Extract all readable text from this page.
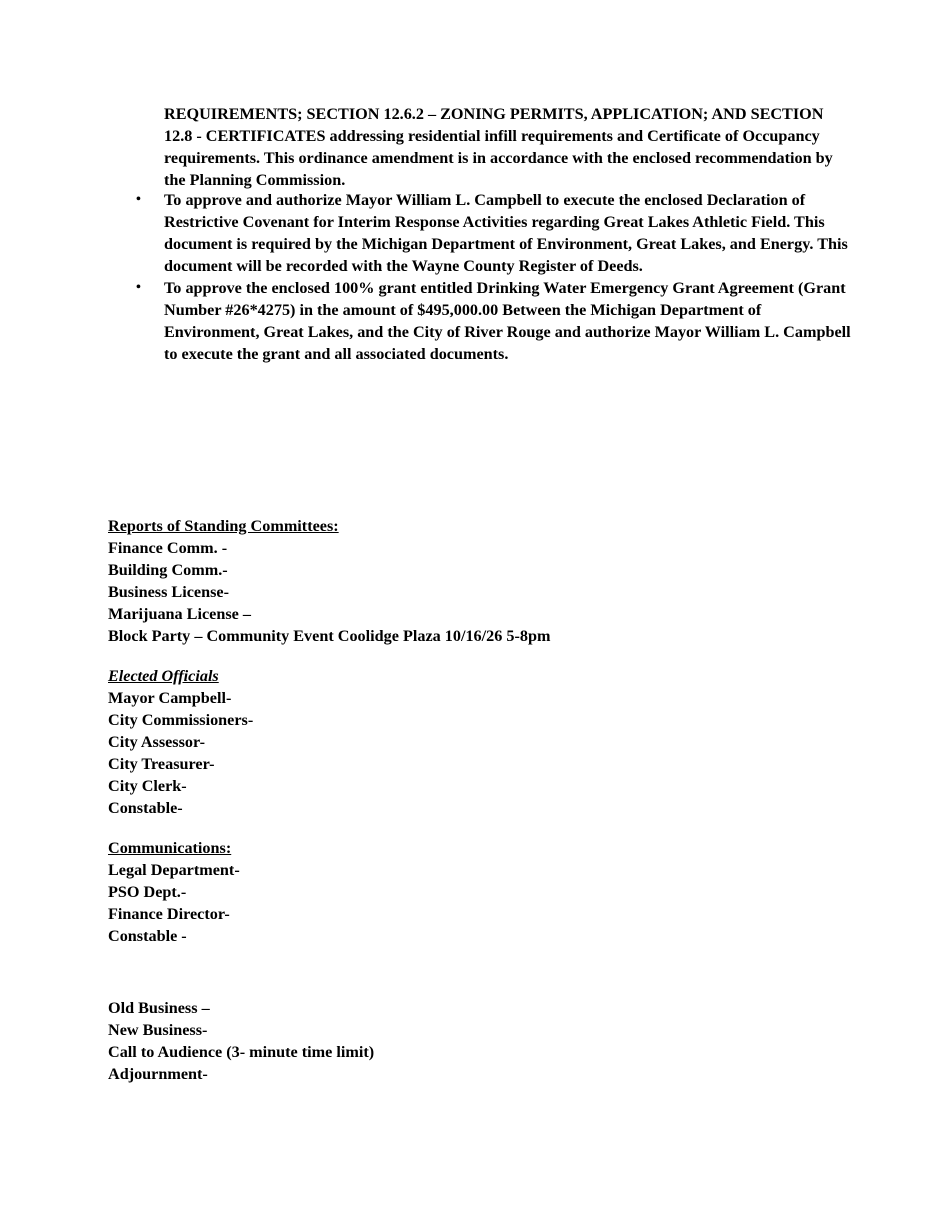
REQUIREMENTS; SECTION 12.6.2 – ZONING PERMITS, APPLICATION; AND SECTION 12.8 - CERTIFICATES addressing residential infill requirements and Certificate of Occupancy requirements. This ordinance amendment is in accordance with the enclosed recommendation by the Planning Commission.

• To approve and authorize Mayor William L. Campbell to execute the enclosed Declaration of Restrictive Covenant for Interim Response Activities regarding Great Lakes Athletic Field. This document is required by the Michigan Department of Environment, Great Lakes, and Energy. This document will be recorded with the Wayne County Register of Deeds.
• To approve the enclosed 100% grant entitled Drinking Water Emergency Grant Agreement (Grant Number #26*4275) in the amount of $495,000.00 Between the Michigan Department of Environment, Great Lakes, and the City of River Rouge and authorize Mayor William L. Campbell to execute the grant and all associated documents.
Reports of Standing Committees:
Finance Comm. -
Building Comm.-
Business License-
Marijuana License –
Block Party – Community Event Coolidge Plaza 10/16/26 5-8pm
Elected Officials
Mayor Campbell-
City Commissioners-
City Assessor-
City Treasurer-
City Clerk-
Constable-
Communications:
Legal Department-
PSO Dept.-
Finance Director-
Constable -
Old Business –
New Business-
Call to Audience (3- minute time limit)
Adjournment-
